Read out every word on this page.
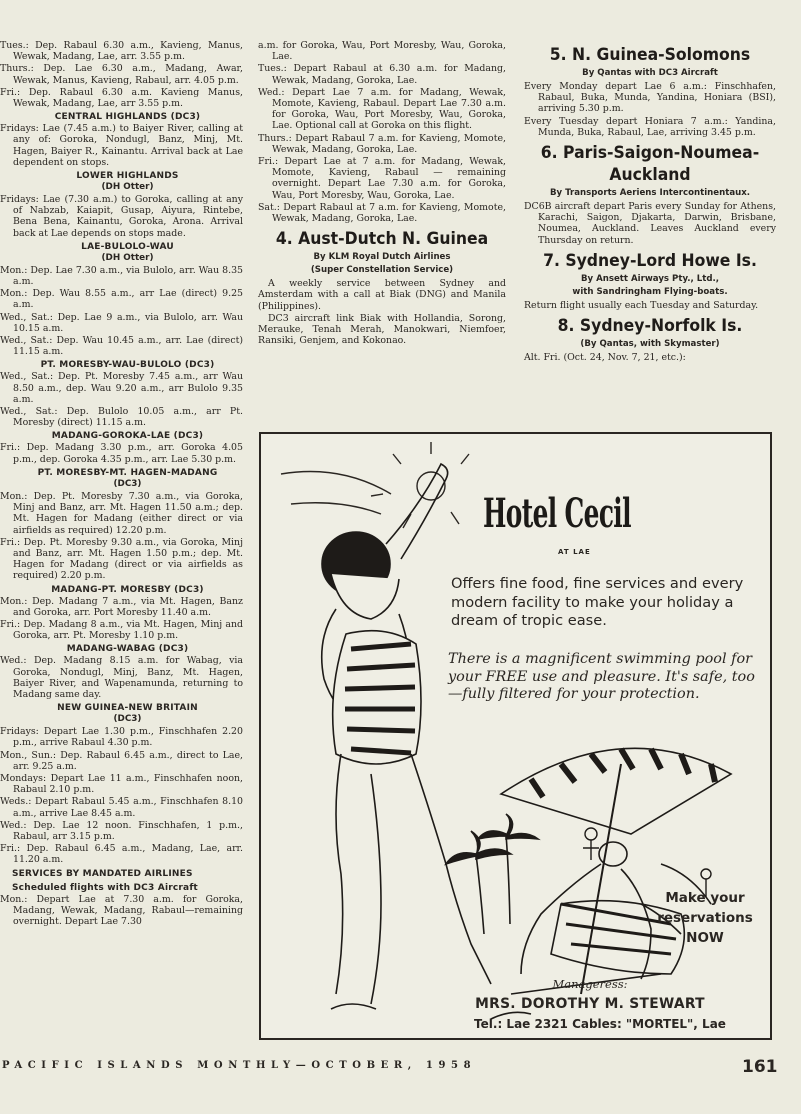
Tues.: Dep. Rabaul 6.30 a.m., Kavieng, Manus, Wewak, Madang, Lae, arr. 3.55 p.m.
Thurs.: Dep. Lae 6.30 a.m., Madang, Awar, Wewak, Manus, Kavieng, Rabaul, arr. 4.05 p.m.
Fri.: Dep. Rabaul 6.30 a.m. Kavieng Manus, Wewak, Madang, Lae, arr 3.55 p.m.
CENTRAL HIGHLANDS (DC3)
Fridays: Lae (7.45 a.m.) to Baiyer River, calling at any of: Goroka, Nondugl, Banz, Minj, Mt. Hagen, Baiyer R., Kainantu. Arrival back at Lae dependent on stops.
LOWER HIGHLANDS
(DH Otter)
Fridays: Lae (7.30 a.m.) to Goroka, calling at any of Nabzab, Kaiapit, Gusap, Aiyura, Rintebe, Bena Bena, Kainantu, Goroka, Arona. Arrival back at Lae depends on stops made.
LAE-BULOLO-WAU
(DH Otter)
Mon.: Dep. Lae 7.30 a.m., via Bulolo, arr. Wau 8.35 a.m.
Mon.: Dep. Wau 8.55 a.m., arr Lae (direct) 9.25 a.m.
Wed., Sat.: Dep. Lae 9 a.m., via Bulolo, arr. Wau 10.15 a.m.
Wed., Sat.: Dep. Wau 10.45 a.m., arr. Lae (direct) 11.15 a.m.
PT. MORESBY-WAU-BULOLO (DC3)
Wed., Sat.: Dep. Pt. Moresby 7.45 a.m., arr Wau 8.50 a.m., dep. Wau 9.20 a.m., arr Bulolo 9.35 a.m.
Wed., Sat.: Dep. Bulolo 10.05 a.m., arr Pt. Moresby (direct) 11.15 a.m.
MADANG-GOROKA-LAE (DC3)
Fri.: Dep. Madang 3.30 p.m., arr. Goroka 4.05 p.m., dep. Goroka 4.35 p.m., arr. Lae 5.30 p.m.
PT. MORESBY-MT. HAGEN-MADANG
(DC3)
Mon.: Dep. Pt. Moresby 7.30 a.m., via Goroka, Minj and Banz, arr. Mt. Hagen 11.50 a.m.; dep. Mt. Hagen for Madang (either direct or via airfields as required) 12.20 p.m.
Fri.: Dep. Pt. Moresby 9.30 a.m., via Goroka, Minj and Banz, arr. Mt. Hagen 1.50 p.m.; dep. Mt. Hagen for Madang (direct or via airfields as required) 2.20 p.m.
MADANG-PT. MORESBY (DC3)
Mon.: Dep. Madang 7 a.m., via Mt. Hagen, Banz and Goroka, arr. Port Moresby 11.40 a.m.
Fri.: Dep. Madang 8 a.m., via Mt. Hagen, Minj and Goroka, arr. Pt. Moresby 1.10 p.m.
MADANG-WABAG (DC3)
Wed.: Dep. Madang 8.15 a.m. for Wabag, via Goroka, Nondugl, Minj, Banz, Mt. Hagen, Baiyer River, and Wapenamunda, returning to Madang same day.
NEW GUINEA-NEW BRITAIN
(DC3)
Fridays: Depart Lae 1.30 p.m., Finschhafen 2.20 p.m., arrive Rabaul 4.30 p.m.
Mon., Sun.: Dep. Rabaul 6.45 a.m., direct to Lae, arr. 9.25 a.m.
Mondays: Depart Lae 11 a.m., Finschhafen noon, Rabaul 2.10 p.m.
Weds.: Depart Rabaul 5.45 a.m., Finschhafen 8.10 a.m., arrive Lae 8.45 a.m.
Wed.: Dep. Lae 12 noon. Finschhafen, 1 p.m., Rabaul, arr 3.15 p.m.
Fri.: Dep. Rabaul 6.45 a.m., Madang, Lae, arr. 11.20 a.m.
SERVICES BY MANDATED AIRLINES
Scheduled flights with DC3 Aircraft
Mon.: Depart Lae at 7.30 a.m. for Goroka, Madang, Wewak, Madang, Rabaul—remaining overnight. Depart Lae 7.30
a.m. for Goroka, Wau, Port Moresby, Wau, Goroka, Lae.
Tues.: Depart Rabaul at 6.30 a.m. for Madang, Wewak, Madang, Goroka, Lae.
Wed.: Depart Lae 7 a.m. for Madang, Wewak, Momote, Kavieng, Rabaul. Depart Lae 7.30 a.m. for Goroka, Wau, Port Moresby, Wau, Goroka, Lae. Optional call at Goroka on this flight.
Thurs.: Depart Rabaul 7 a.m. for Kavieng, Momote, Wewak, Madang, Goroka, Lae.
Fri.: Depart Lae at 7 a.m. for Madang, Wewak, Momote, Kavieng, Rabaul — remaining overnight. Depart Lae 7.30 a.m. for Goroka, Wau, Port Moresby, Wau, Goroka, Lae.
Sat.: Depart Rabaul at 7 a.m. for Kavieng, Momote, Wewak, Madang, Goroka, Lae.
4. Aust-Dutch N. Guinea
By KLM Royal Dutch Airlines
(Super Constellation Service)
A weekly service between Sydney and Amsterdam with a call at Biak (DNG) and Manila (Philippines).
DC3 aircraft link Biak with Hollandia, Sorong, Merauke, Tenah Merah, Manokwari, Niemfoer, Ransiki, Genjem, and Kokonao.
5. N. Guinea-Solomons
By Qantas with DC3 Aircraft
Every Monday depart Lae 6 a.m.: Finschhafen, Rabaul, Buka, Munda, Yandina, Honiara (BSI), arriving 5.30 p.m.
Every Tuesday depart Honiara 7 a.m.: Yandina, Munda, Buka, Rabaul, Lae, arriving 3.45 p.m.
6. Paris-Saigon-Noumea-
Auckland
By Transports Aeriens Intercontinentaux.
DC6B aircraft depart Paris every Sunday for Athens, Karachi, Saigon, Djakarta, Darwin, Brisbane, Noumea, Auckland. Leaves Auckland every Thursday on return.
7. Sydney-Lord Howe Is.
By Ansett Airways Pty., Ltd.,
with Sandringham Flying-boats.
Return flight usually each Tuesday and Saturday.
8. Sydney-Norfolk Is.
(By Qantas, with Skymaster)
Alt. Fri. (Oct. 24, Nov. 7, 21, etc.):
Hotel Cecil
AT LAE
Offers fine food, fine services and every modern facility to make your holiday a dream of tropic ease.
There is a magnificent swimming pool for your FREE use and pleasure. It's safe, too—fully filtered for your protection.
Make your reservations NOW
Manageress:
MRS. DOROTHY M. STEWART
Tel.: Lae 2321 Cables: "MORTEL", Lae
PACIFIC ISLANDS MONTHLY—OCTOBER, 1958	161
